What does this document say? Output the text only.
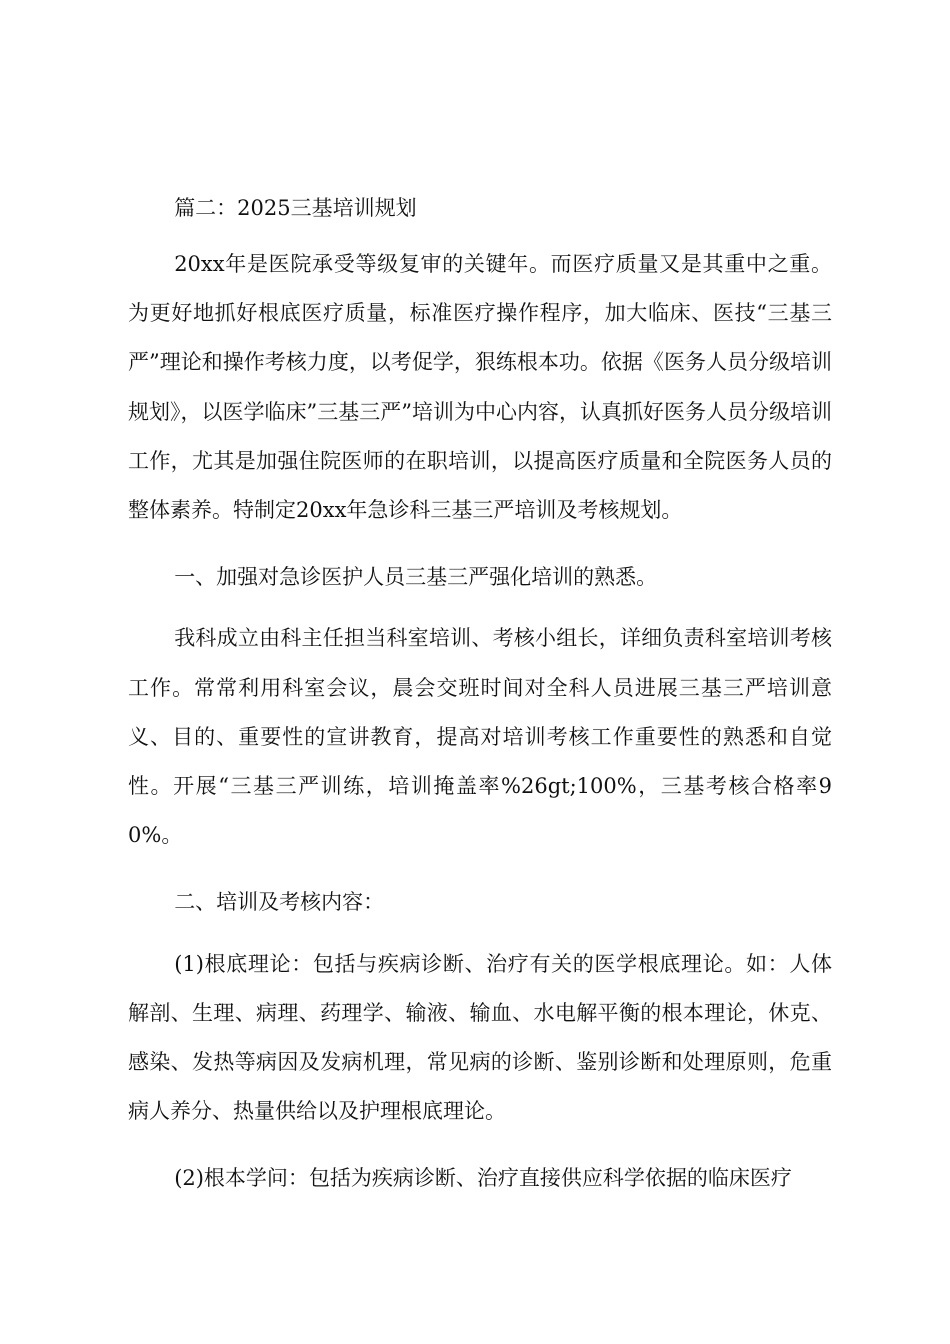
篇二：2025三基培训规划

20xx年是医院承受等级复审的关键年。而医疗质量又是其重中之重。为更好地抓好根底医疗质量，标准医疗操作程序，加大临床、医技“三基三严”理论和操作考核力度，以考促学，狠练根本功。依据《医务人员分级培训规划》，以医学临床”三基三严”培训为中心内容，认真抓好医务人员分级培训工作，尤其是加强住院医师的在职培训，以提高医疗质量和全院医务人员的整体素养。特制定20xx年急诊科三基三严培训及考核规划。

一、加强对急诊医护人员三基三严强化培训的熟悉。

我科成立由科主任担当科室培训、考核小组长，详细负责科室培训考核工作。常常利用科室会议，晨会交班时间对全科人员进展三基三严培训意义、目的、重要性的宣讲教育，提高对培训考核工作重要性的熟悉和自觉性。开展“三基三严训练，培训掩盖率%26gt;100%，三基考核合格率90%。

二、培训及考核内容：

(1)根底理论：包括与疾病诊断、治疗有关的医学根底理论。如：人体解剖、生理、病理、药理学、输液、输血、水电解平衡的根本理论，休克、感染、发热等病因及发病机理，常见病的诊断、鉴别诊断和处理原则，危重病人养分、热量供给以及护理根底理论。

(2)根本学问：包括为疾病诊断、治疗直接供应科学依据的临床医疗
